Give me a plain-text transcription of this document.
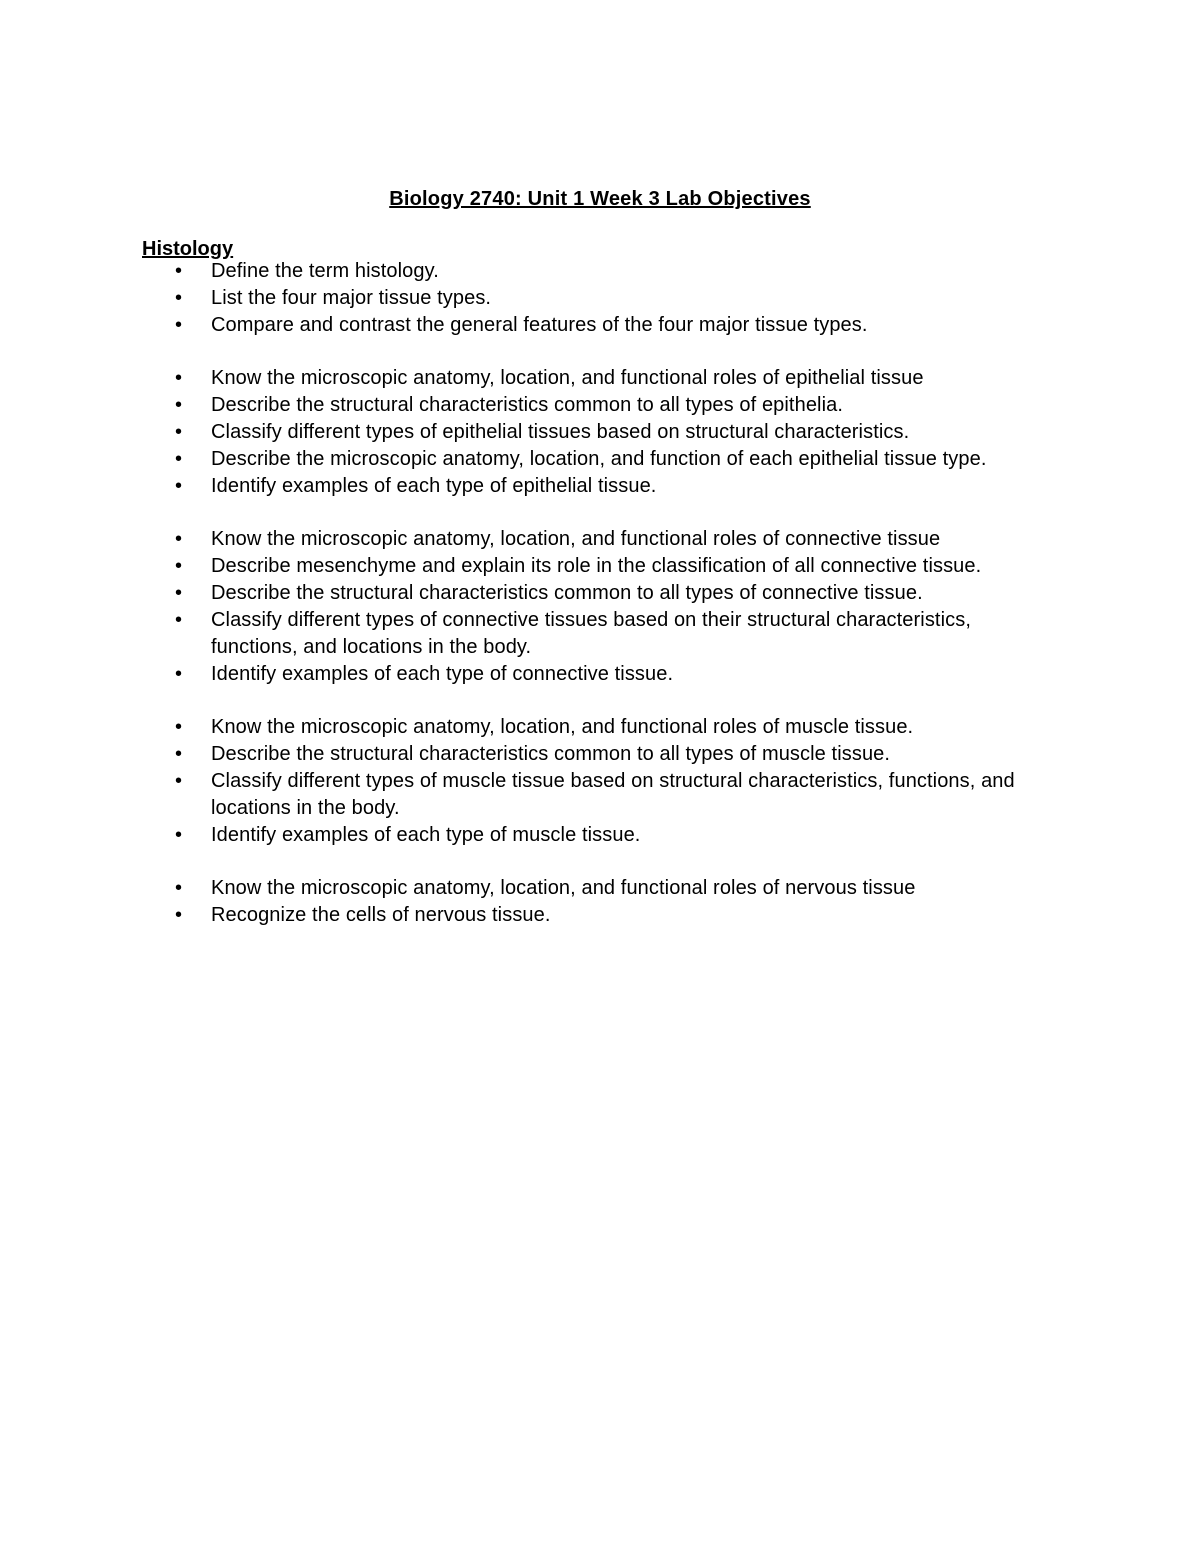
Biology 2740: Unit 1 Week 3 Lab Objectives
Histology
• Define the term histology.
• List the four major tissue types.
• Compare and contrast the general features of the four major tissue types.
• Know the microscopic anatomy, location, and functional roles of epithelial tissue
• Describe the structural characteristics common to all types of epithelia.
• Classify different types of epithelial tissues based on structural characteristics.
• Describe the microscopic anatomy, location, and function of each epithelial tissue type.
• Identify examples of each type of epithelial tissue.
• Know the microscopic anatomy, location, and functional roles of connective tissue
• Describe mesenchyme and explain its role in the classification of all connective tissue.
• Describe the structural characteristics common to all types of connective tissue.
• Classify different types of connective tissues based on their structural characteristics, functions, and locations in the body.
• Identify examples of each type of connective tissue.
• Know the microscopic anatomy, location, and functional roles of muscle tissue.
• Describe the structural characteristics common to all types of muscle tissue.
• Classify different types of muscle tissue based on structural characteristics, functions, and locations in the body.
• Identify examples of each type of muscle tissue.
• Know the microscopic anatomy, location, and functional roles of nervous tissue
• Recognize the cells of nervous tissue.
